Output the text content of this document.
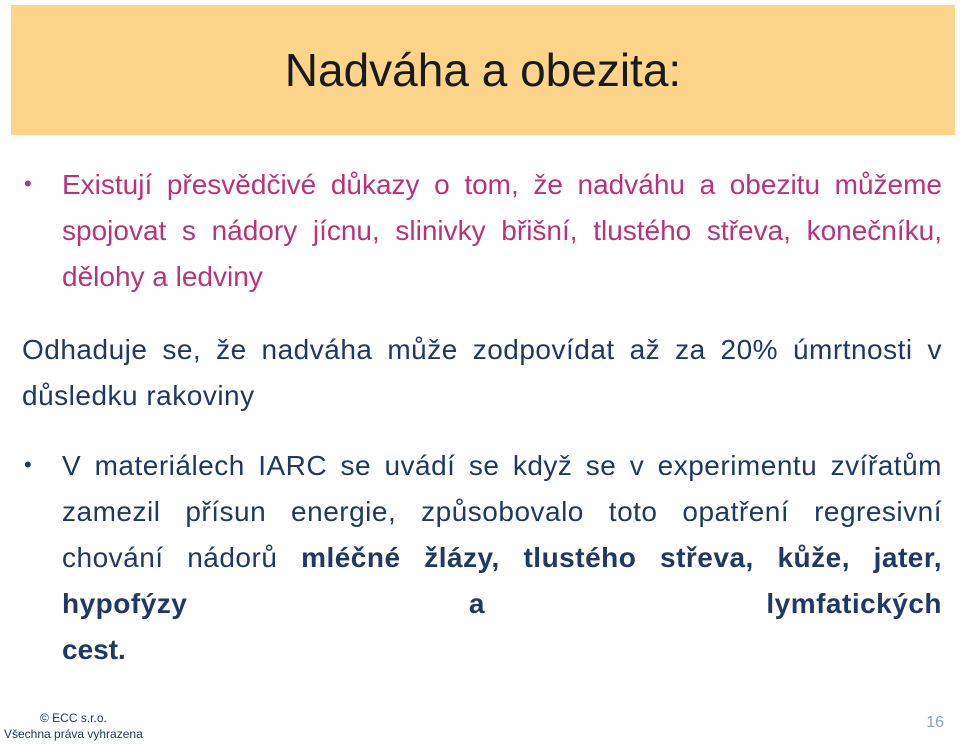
Nadváha a obezita:
• Existují přesvědčivé důkazy o tom, že nadváhu a obezitu můžeme spojovat s nádory jícnu, slinivky břišní, tlustého střeva, konečníku, dělohy a ledviny

Odhaduje se, že nadváha může zodpovídat až za 20% úmrtnosti v důsledku rakoviny

• V materiálech IARC se uvádí se když se v experimentu zvířatům zamezil přísun energie, způsobovalo toto opatření regresivní chování nádorů mléčné žlázy, tlustého střeva, kůže, jater, hypofýzy a lymfatických

cest.

© ECC s.r.o.
Všechna práva vyhrazena
16
